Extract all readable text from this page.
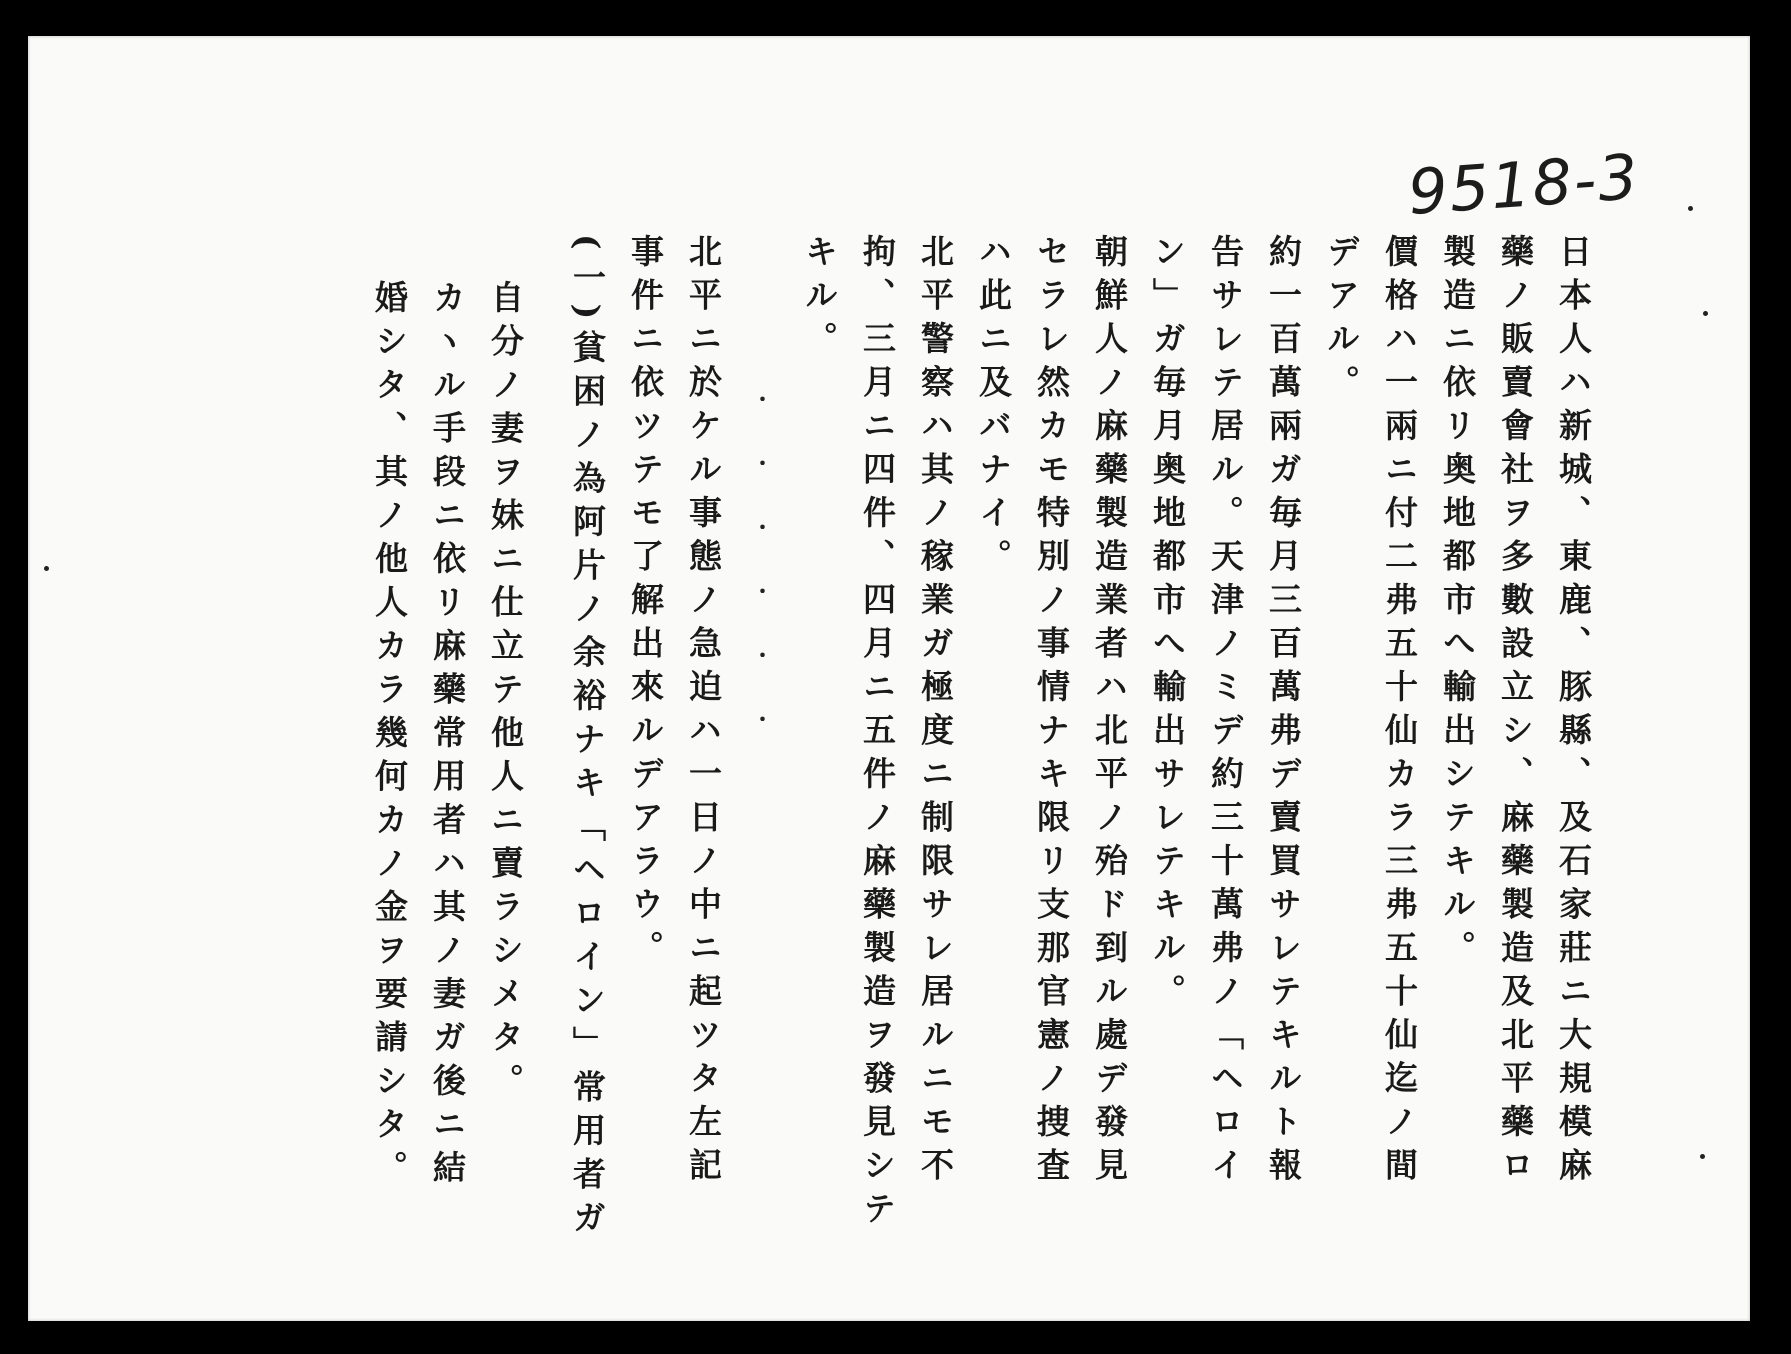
9518-3
日本人ハ新城、東鹿、豚縣、及石家莊ニ大規模麻
藥ノ販賣會社ヲ多數設立シ、麻藥製造及北平藥ロ
製造ニ依リ奥地都市へ輸出シテキル。
價格ハ一兩ニ付二弗五十仙カラ三弗五十仙迄ノ間
デアル。
約一百萬兩ガ毎月三百萬弗デ賣買サレテキルト報
告サレテ居ル。天津ノミデ約三十萬弗ノ「ヘロイ
ン」ガ毎月奥地都市へ輸出サレテキル。
朝鮮人ノ麻藥製造業者ハ北平ノ殆ド到ル處デ發見
セラレ然カモ特別ノ事情ナキ限リ支那官憲ノ捜査
ハ此ニ及バナイ。
北平警察ハ其ノ稼業ガ極度ニ制限サレ居ルニモ不
拘、三月ニ四件、四月ニ五件ノ麻藥製造ヲ發見シテ
キル。
・・・・・・
北平ニ於ケル事態ノ急迫ハ一日ノ中ニ起ツタ左記
事件ニ依ツテモ了解出來ルデアラウ。
(一)貧困ノ為阿片ノ余裕ナキ「ヘロイン」常用者ガ
自分ノ妻ヲ妹ニ仕立テ他人ニ賣ラシメタ。
カヽル手段ニ依リ麻藥常用者ハ其ノ妻ガ後ニ結
婚シタ、其ノ他人カラ幾何カノ金ヲ要請シタ。
